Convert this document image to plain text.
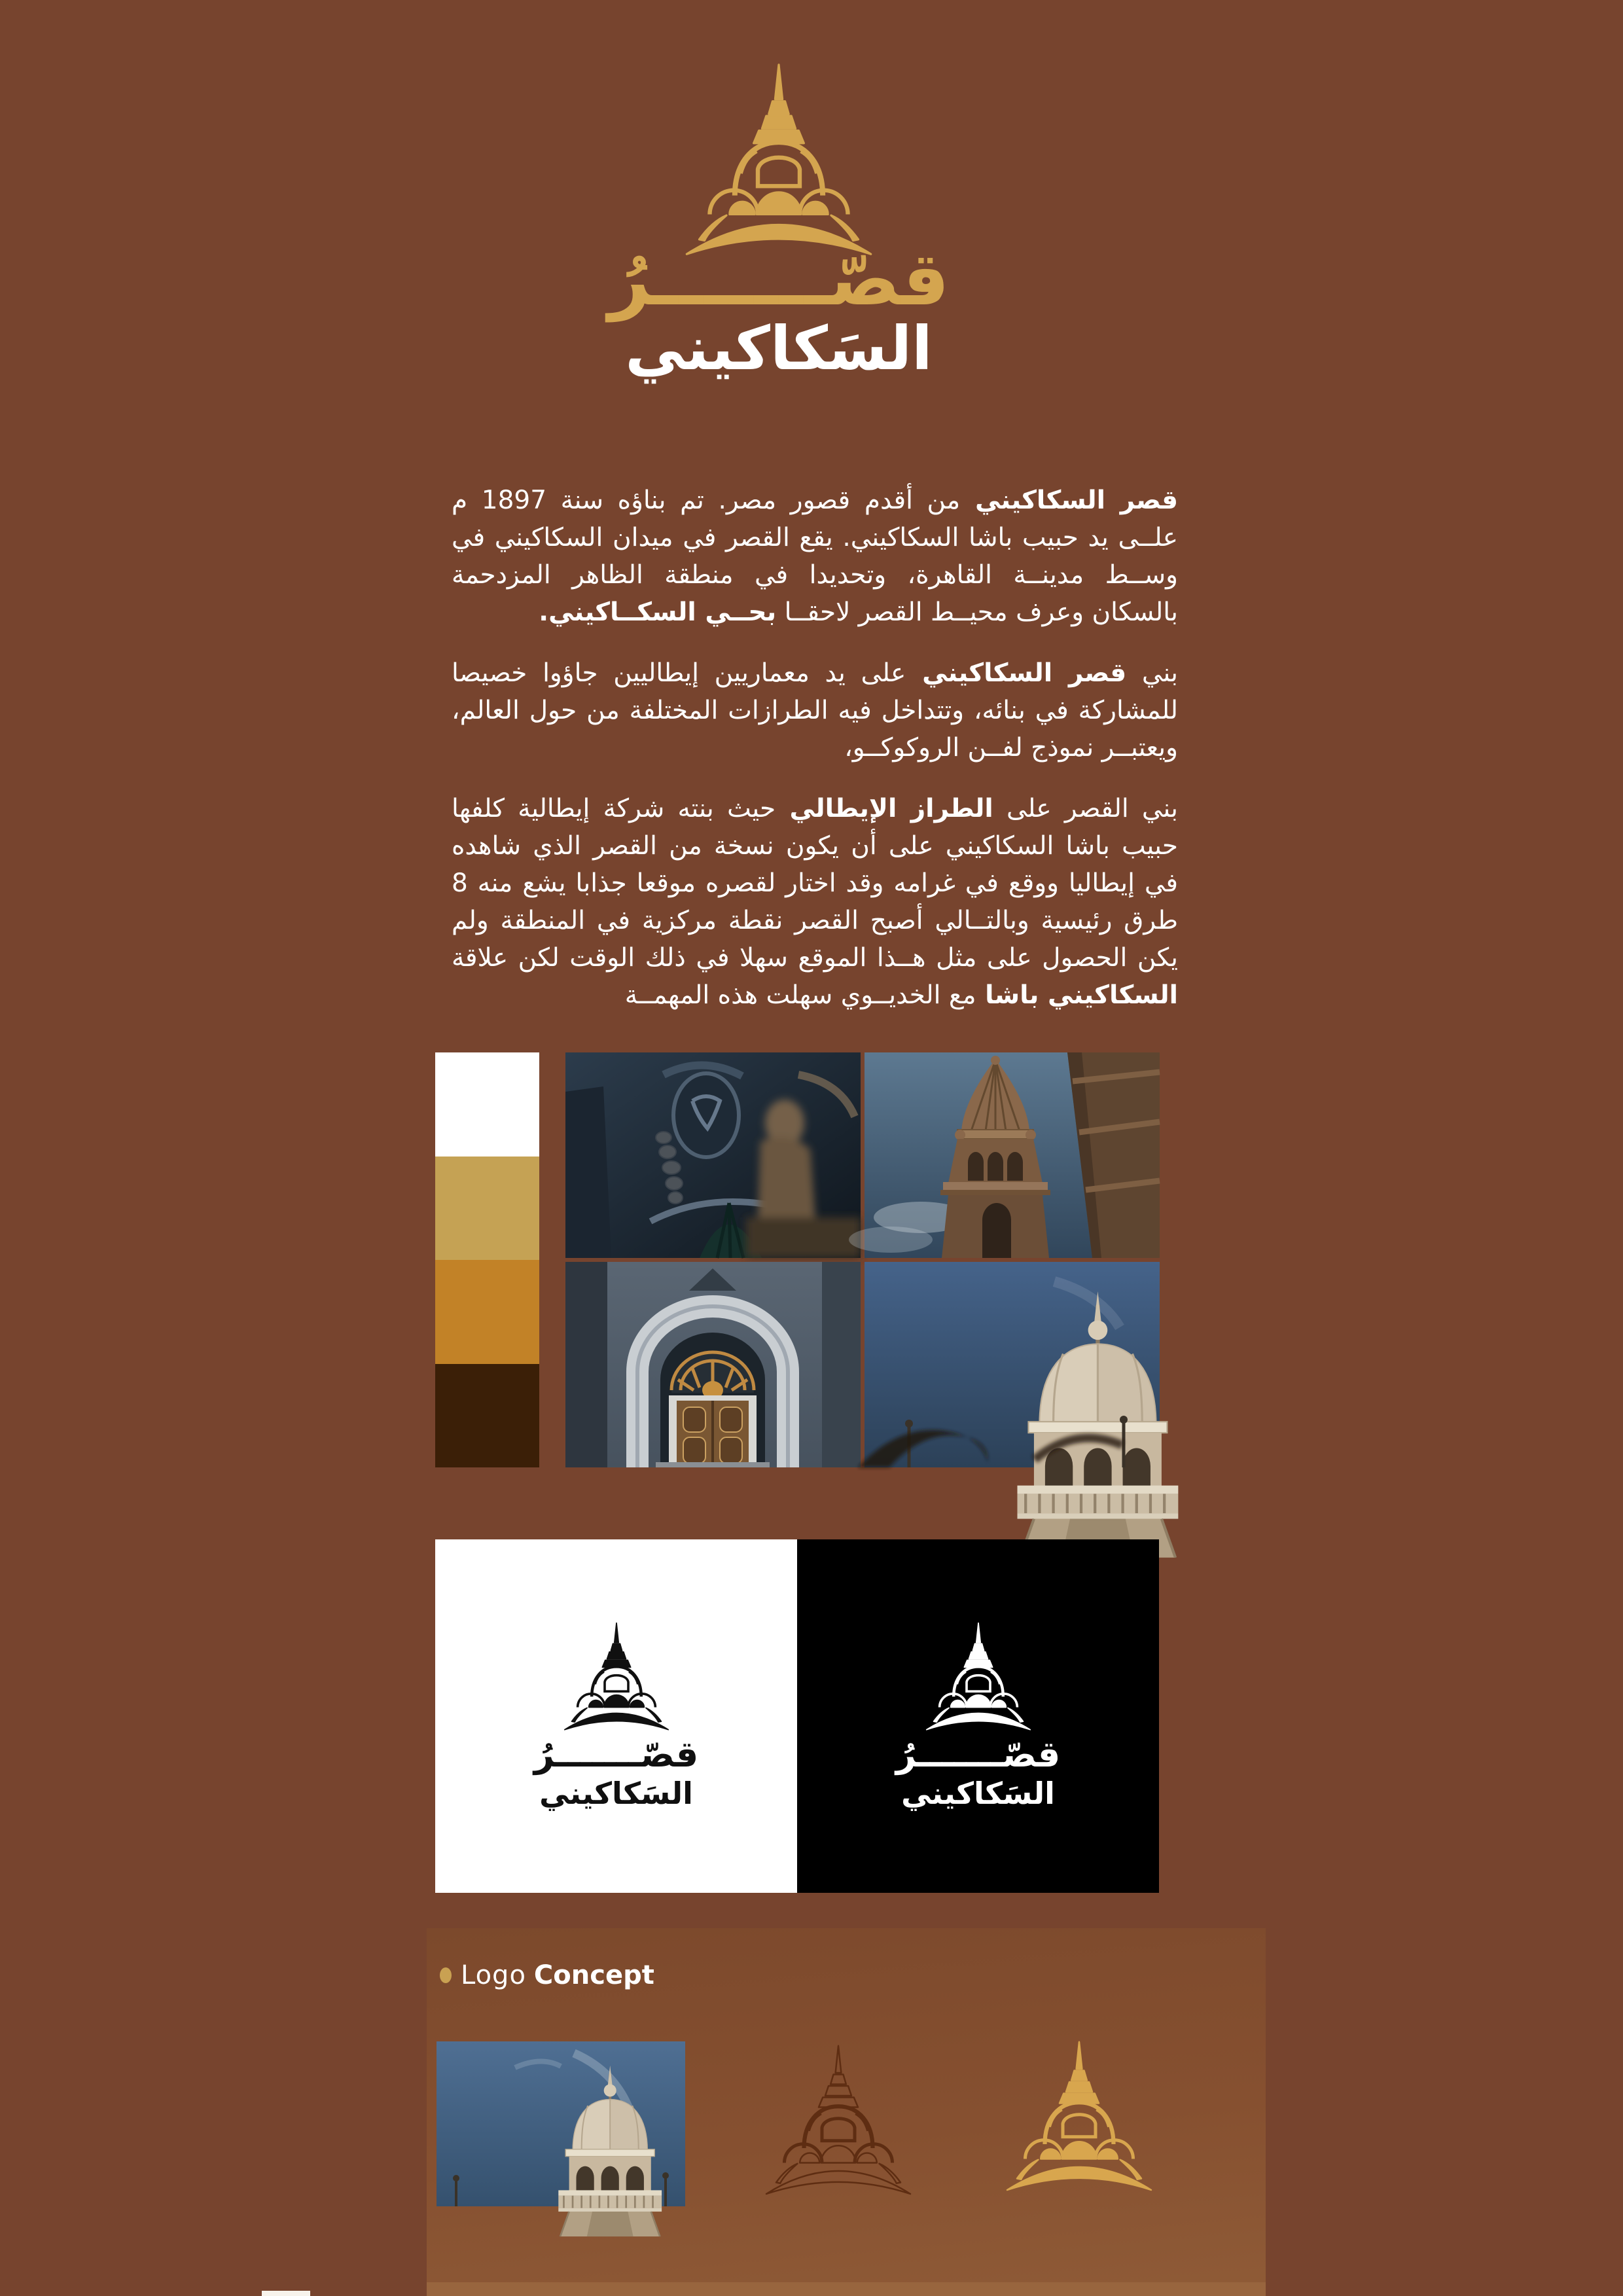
قصّـــــــرُ
السَكاكيني

قصر السكاكيني من أقدم قصور مصر. تم بناؤه سنة 1897 م علــى يد حبيب باشا السكاكيني. يقع القصر في ميدان السكاكيني في وســط مدينــة القاهرة، وتحديدا في منطقة الظاهر المزدحمة بالسكان وعرف محيــط القصر لاحقــا بحــي السكــاكيني.

بني قصر السكاكيني على يد معماريين إيطاليين جاؤوا خصيصا للمشاركة في بنائه، وتتداخل فيه الطرازات المختلفة من حول العالم، ويعتبــر نموذج لفــن الروكوكــو،

بني القصر على الطراز الإيطالي حيث بنته شركة إيطالية كلفها حبيب باشا السكاكيني على أن يكون نسخة من القصر الذي شاهده في إيطاليا ووقع في غرامه وقد اختار لقصره موقعا جذابا يشع منه 8 طرق رئيسية وبالتــالي أصبح القصر نقطة مركزية في المنطقة ولم يكن الحصول على مثل هــذا الموقع سهلا في ذلك الوقت لكن علاقة السكاكيني باشا مع الخديــوي سهلت هذه المهمــة

قصّـــــــرُ
السَكاكيني
قصّـــــــرُ
السَكاكيني
Logo Concept
